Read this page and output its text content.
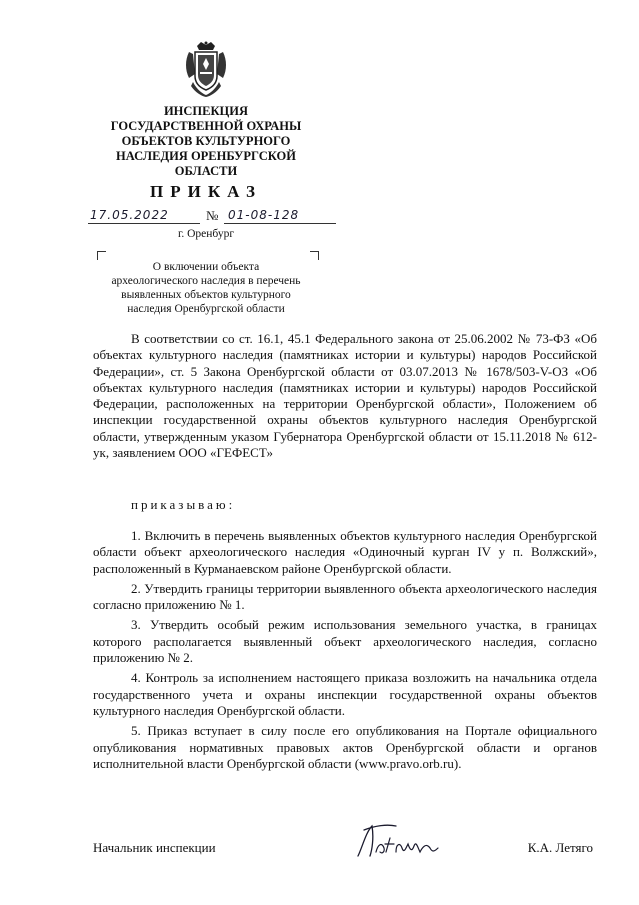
ИНСПЕКЦИЯ
ГОСУДАРСТВЕННОЙ ОХРАНЫ
ОБЪЕКТОВ КУЛЬТУРНОГО
НАСЛЕДИЯ ОРЕНБУРГСКОЙ
ОБЛАСТИ
ПРИКАЗ
17.05.2022	№ 01-08-128
г. Оренбург
О включении объекта
археологического наследия в перечень
выявленных объектов культурного
наследия Оренбургской области

В соответствии со ст. 16.1, 45.1 Федерального закона от 25.06.2002 № 73-ФЗ «Об объектах культурного наследия (памятниках истории и культуры) народов Российской Федерации», ст. 5 Закона Оренбургской области от 03.07.2013 № 1678/503-V-ОЗ «Об объектах культурного наследия (памятниках истории и культуры) народов Российской Федерации, расположенных на территории Оренбургской области», Положением об инспекции государственной охраны объектов культурного наследия Оренбургской области, утвержденным указом Губернатора Оренбургской области от 15.11.2018 № 612-ук, заявлением ООО «ГЕФЕСТ»

приказываю:

1. Включить в перечень выявленных объектов культурного наследия Оренбургской области объект археологического наследия «Одиночный курган IV у п. Волжский», расположенный в Курманаевском районе Оренбургской области.

2. Утвердить границы территории выявленного объекта археологического наследия согласно приложению № 1.

3. Утвердить особый режим использования земельного участка, в границах которого располагается выявленный объект археологического наследия, согласно приложению № 2.

4. Контроль за исполнением настоящего приказа возложить на начальника отдела государственного учета и охраны инспекции государственной охраны объектов культурного наследия Оренбургской области.

5. Приказ вступает в силу после его опубликования на Портале официального опубликования нормативных правовых актов Оренбургской области и органов исполнительной власти Оренбургской области (www.pravo.orb.ru).

Начальник инспекции	К.А. Летяго
